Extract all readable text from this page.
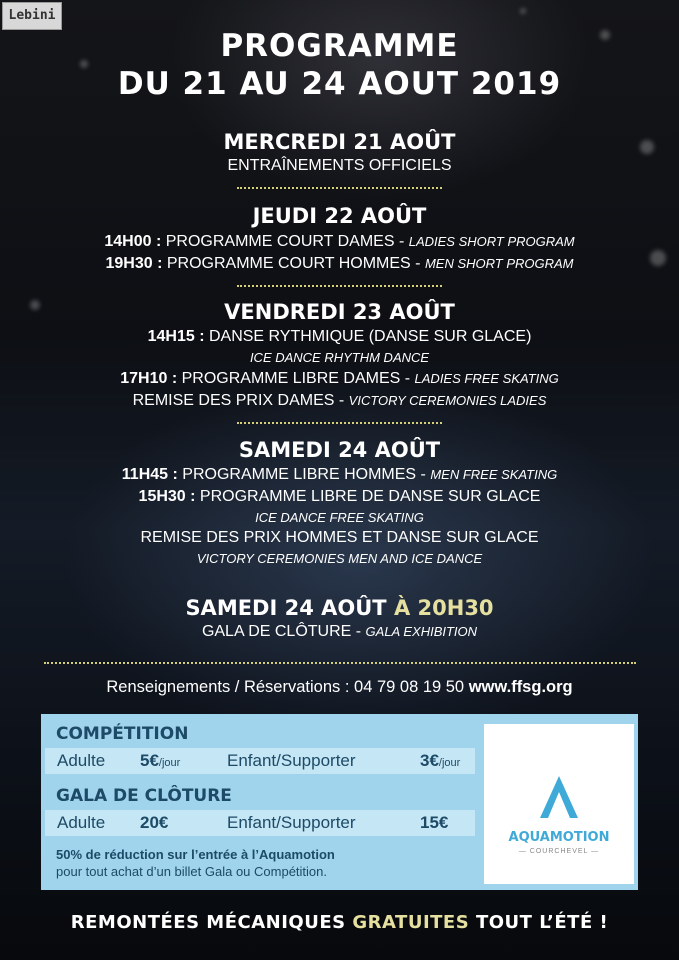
Lebini
PROGRAMME
DU 21 AU 24 AOUT 2019
MERCREDI 21 AOÛT
ENTRAÎNEMENTS OFFICIELS
JEUDI 22 AOÛT
14H00 : PROGRAMME COURT DAMES - LADIES SHORT PROGRAM
19H30 : PROGRAMME COURT HOMMES - MEN SHORT PROGRAM
VENDREDI 23 AOÛT
14H15 : DANSE RYTHMIQUE (DANSE SUR GLACE)
ICE DANCE RHYTHM DANCE
17H10 : PROGRAMME LIBRE DAMES - LADIES FREE SKATING
REMISE DES PRIX DAMES - VICTORY CEREMONIES LADIES
SAMEDI 24 AOÛT
11H45 : PROGRAMME LIBRE HOMMES - MEN FREE SKATING
15H30 : PROGRAMME LIBRE DE DANSE SUR GLACE
ICE DANCE FREE SKATING
REMISE DES PRIX HOMMES ET DANSE SUR GLACE
VICTORY CEREMONIES MEN AND ICE DANCE
SAMEDI 24 AOÛT À 20H30
GALA DE CLÔTURE - GALA EXHIBITION
Renseignements / Réservations : 04 79 08 19 50 www.ffsg.org
COMPÉTITION
Adulte 5€/jour	Enfant/Supporter	3€/jour
GALA DE CLÔTURE
Adulte 20€	Enfant/Supporter	15€
50% de réduction sur l’entrée à l’Aquamotion
pour tout achat d’un billet Gala ou Compétition.
AQUAMOTION
— COURCHEVEL —
REMONTÉES MÉCANIQUES GRATUITES TOUT L’ÉTÉ !
